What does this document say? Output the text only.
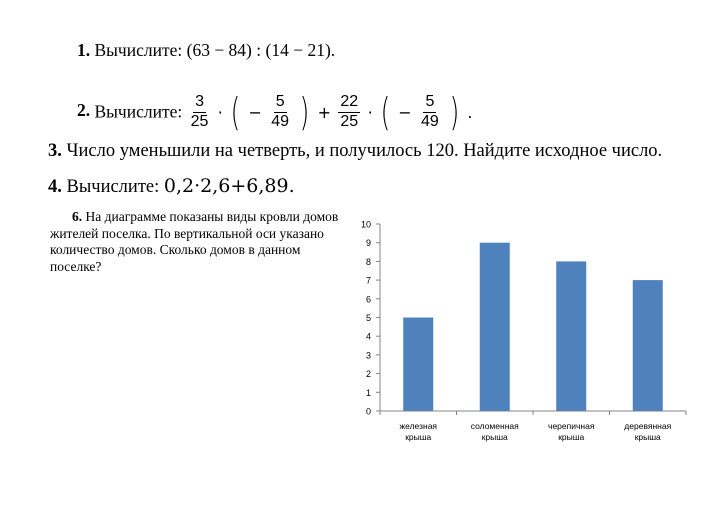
1. Вычислите: (63 − 84) : (14 − 21).
2. Вычислите: $\frac{3}{25}$ · ( − $\frac{5}{49}$ ) + $\frac{22}{25}$ · ( − $\frac{5}{49}$ ) .
3. Число уменьшили на четверть, и получилось 120. Найдите исходное число.
4. Вычислите: 0,2·2,6+6,89.
6. На диаграмме показаны виды кровли домов жителей поселка. По вертикальной оси указано количество домов. Сколько домов в данном поселке?
0
1
2
3
4
5
6
7
8
9
10
железная
крыша
соломенная
крыша
черепичная
крыша
деревянная
крыша
